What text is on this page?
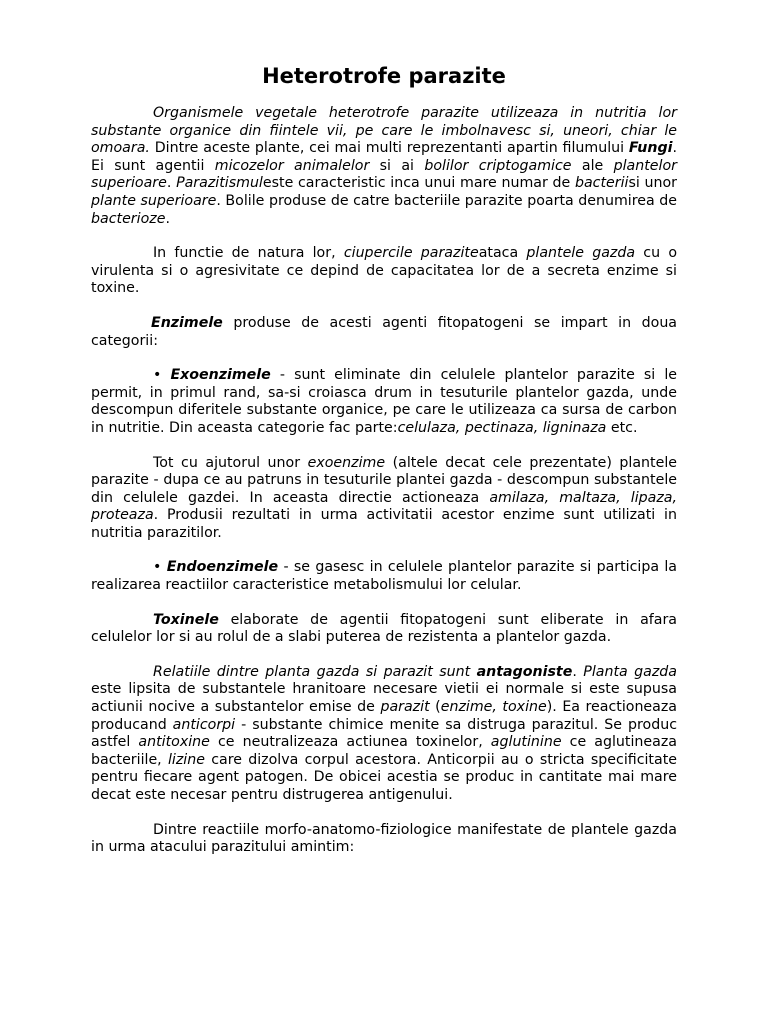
Heterotrofe parazite

Organismele vegetale heterotrofe parazite utilizeaza in nutritia lor substante organice din fiintele vii, pe care le imbolnavesc si, uneori, chiar le omoara. Dintre aceste plante, cei mai multi reprezentanti apartin filumului Fungi. Ei sunt agentii micozelor animalelor si ai bolilor criptogamice ale plantelor superioare. Parazitismuleste caracteristic inca unui mare numar de bacteriisi unor plante superioare. Bolile produse de catre bacteriile parazite poarta denumirea de bacterioze.

In functie de natura lor, ciupercile paraziteataca plantele gazda cu o virulenta si o agresivitate ce depind de capacitatea lor de a secreta enzime si toxine.

Enzimele produse de acesti agenti fitopatogeni se impart in doua categorii:

• Exoenzimele - sunt eliminate din celulele plantelor parazite si le permit, in primul rand, sa-si croiasca drum in tesuturile plantelor gazda, unde descompun diferitele substante organice, pe care le utilizeaza ca sursa de carbon in nutritie. Din aceasta categorie fac parte:celulaza, pectinaza, ligninaza etc.

Tot cu ajutorul unor exoenzime (altele decat cele prezentate) plantele parazite - dupa ce au patruns in tesuturile plantei gazda - descompun substantele din celulele gazdei. In aceasta directie actioneaza amilaza, maltaza, lipaza, proteaza. Produsii rezultati in urma activitatii acestor enzime sunt utilizati in nutritia parazitilor.

• Endoenzimele - se gasesc in celulele plantelor parazite si participa la realizarea reactiilor caracteristice metabolismului lor celular.

Toxinele elaborate de agentii fitopatogeni sunt eliberate in afara celulelor lor si au rolul de a slabi puterea de rezistenta a plantelor gazda.

Relatiile dintre planta gazda si parazit sunt antagoniste. Planta gazda este lipsita de substantele hranitoare necesare vietii ei normale si este supusa actiunii nocive a substantelor emise de parazit (enzime, toxine). Ea reactioneaza producand anticorpi - substante chimice menite sa distruga parazitul. Se produc astfel antitoxine ce neutralizeaza actiunea toxinelor, aglutinine ce aglutineaza bacteriile, lizine care dizolva corpul acestora. Anticorpii au o stricta specificitate pentru fiecare agent patogen. De obicei acestia se produc in cantitate mai mare decat este necesar pentru distrugerea antigenului.

Dintre reactiile morfo-anatomo-fiziologice manifestate de plantele gazda in urma atacului parazitului amintim:
